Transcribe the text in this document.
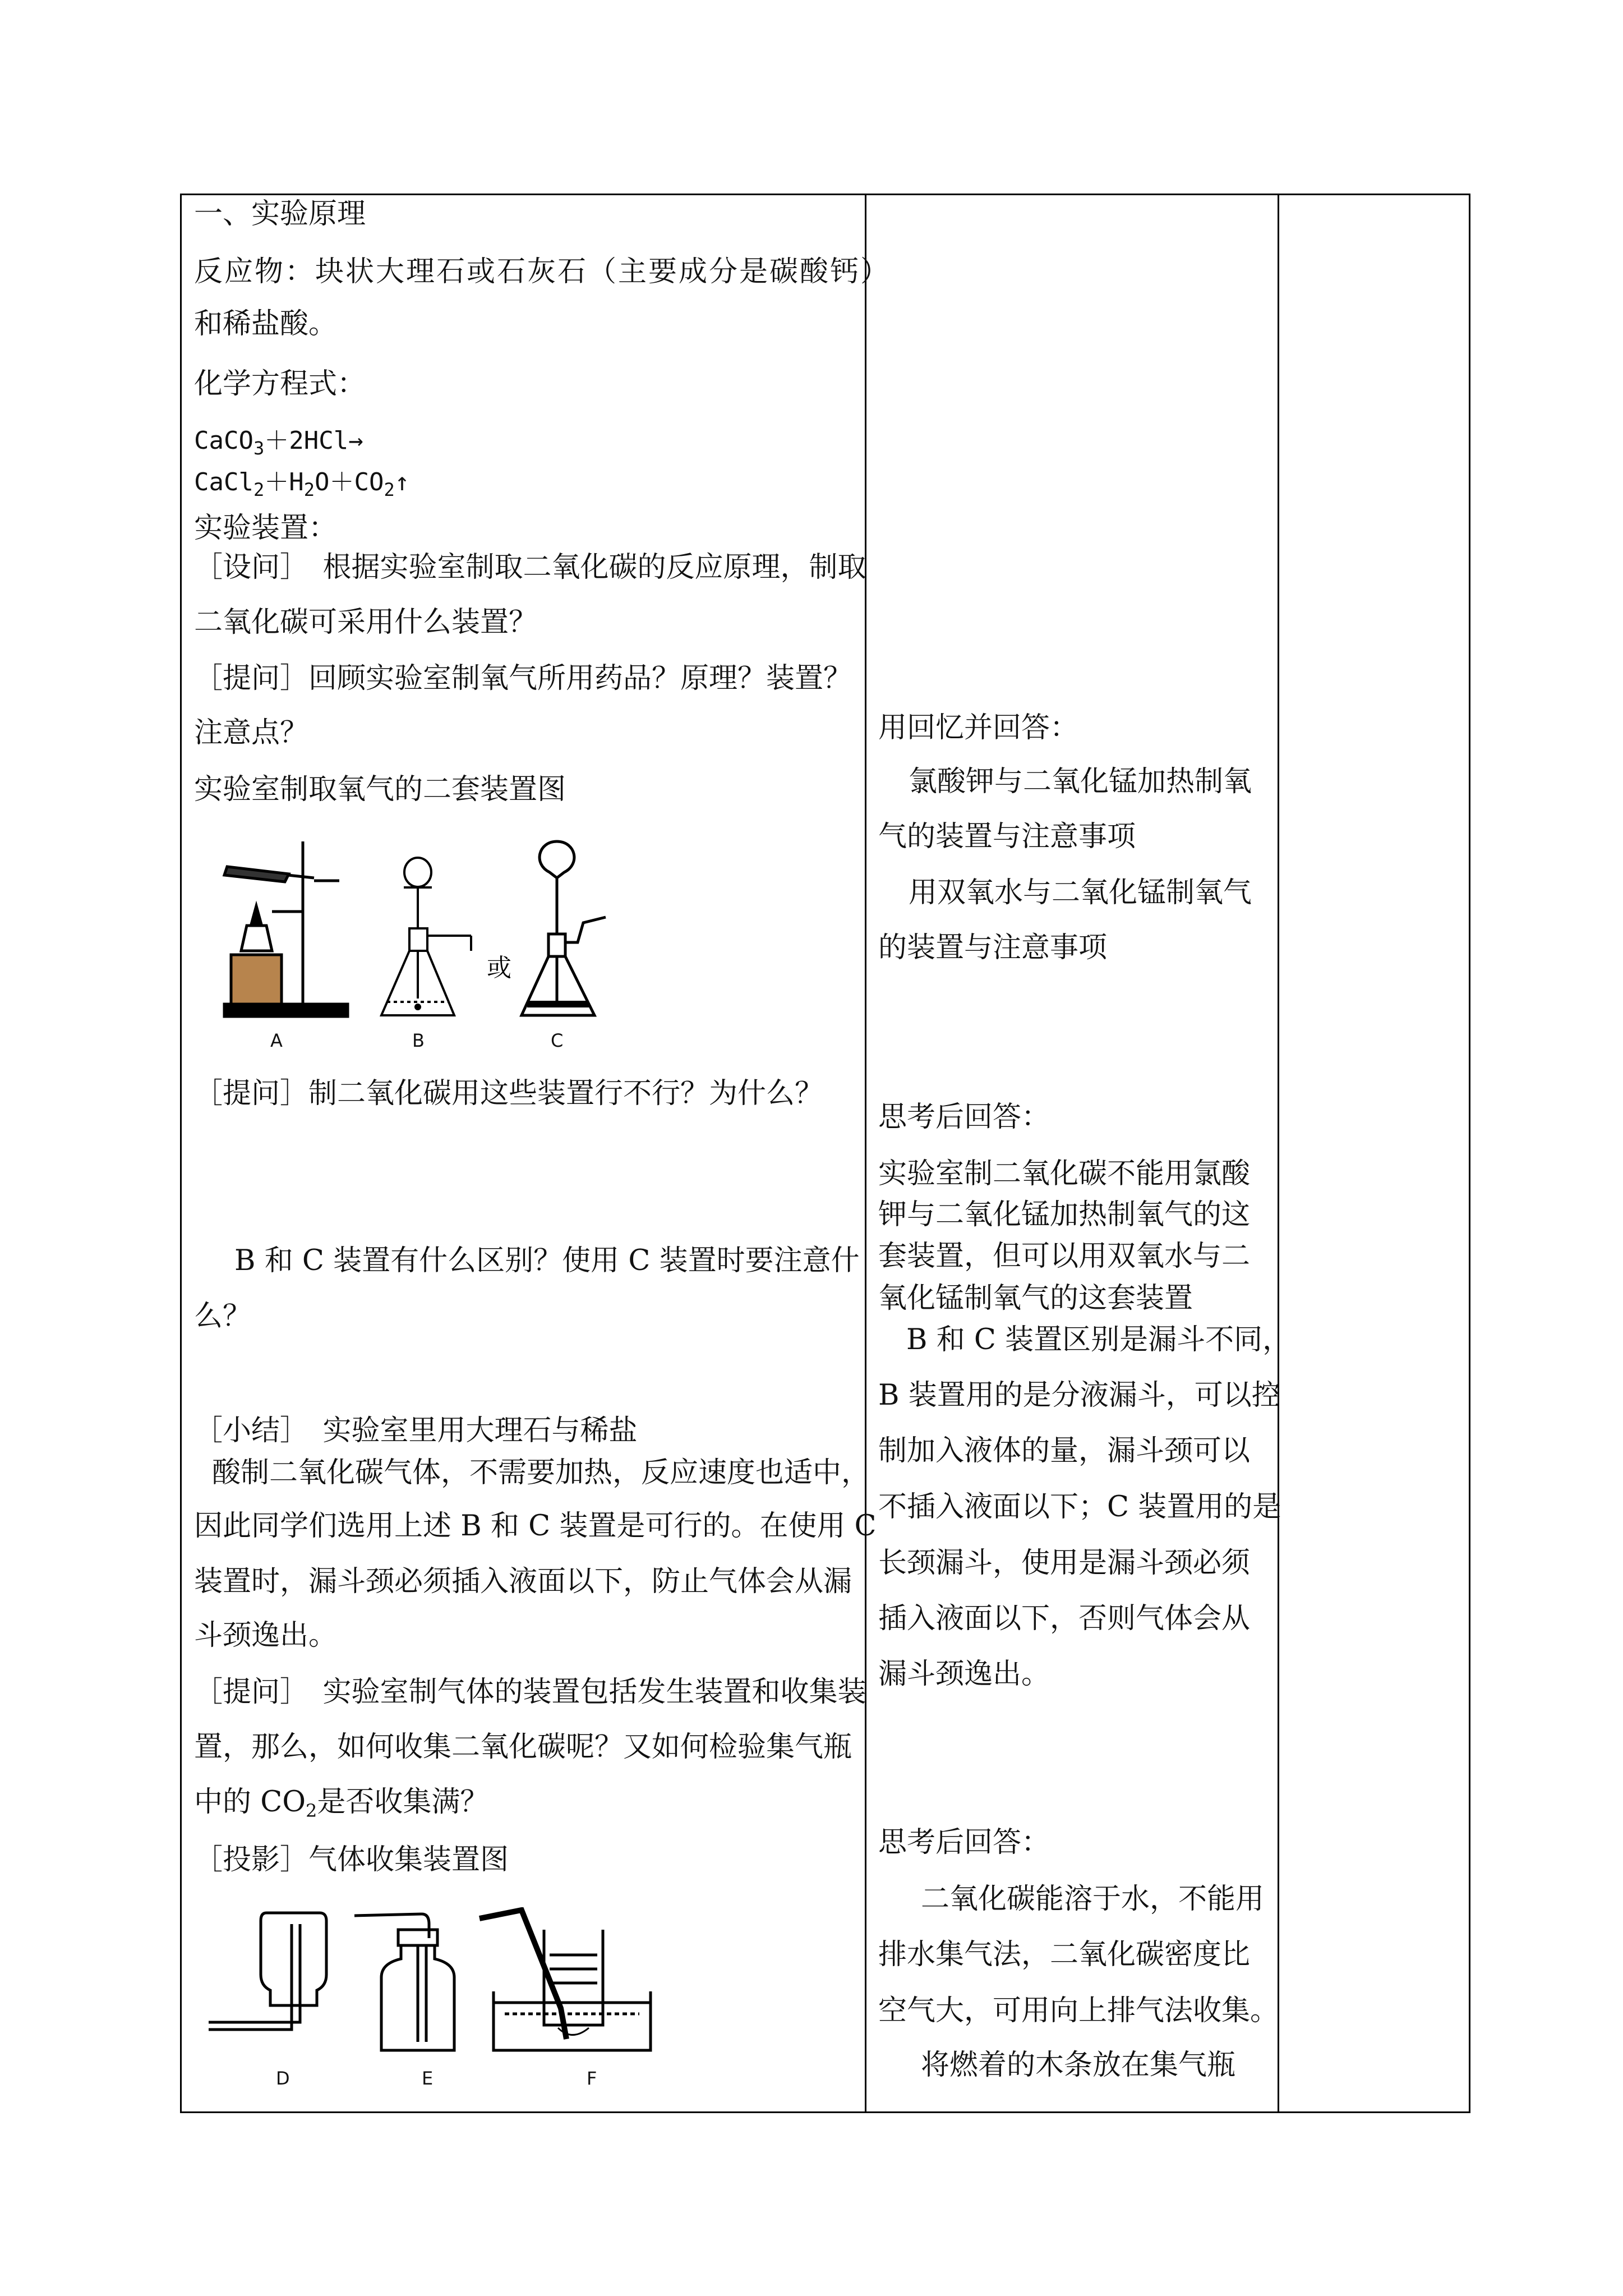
一、实验原理
反应物：块状大理石或石灰石（主要成分是碳酸钙）
和稀盐酸。
化学方程式：
CaCO$_3$＋2HCl→
$CaCl_2+H_2O+CO_2↑$
实验装置：
［设问］　根据实验室制取二氧化碳的反应原理，制取
二氧化碳可采用什么装置？
［提问］回顾实验室制氧气所用药品？原理？装置？
注意点？
实验室制取氧气的二套装置图
或
A	B	C
［提问］制二氧化碳用这些装置行不行？为什么？
B 和 C 装置有什么区别？使用 C 装置时要注意什
么？
［小结］　实验室里用大理石与稀盐
酸制二氧化碳气体，不需要加热，反应速度也适中，
因此同学们选用上述 B 和 C 装置是可行的。在使用 C
装置时，漏斗颈必须插入液面以下，防止气体会从漏
斗颈逸出。
［提问］　实验室制气体的装置包括发生装置和收集装
置，那么，如何收集二氧化碳呢？又如何检验集气瓶
中的 $CO_2$是否收集满？
［投影］气体收集装置图
D	E	F
用回忆并回答：
氯酸钾与二氧化锰加热制氧
气的装置与注意事项
用双氧水与二氧化锰制氧气
的装置与注意事项
思考后回答：
实验室制二氧化碳不能用氯酸
钾与二氧化锰加热制氧气的这
套装置，但可以用双氧水与二
氧化锰制氧气的这套装置
B 和 C 装置区别是漏斗不同，
B 装置用的是分液漏斗，可以控
制加入液体的量，漏斗颈可以
不插入液面以下；C 装置用的是
长颈漏斗，使用是漏斗颈必须
插入液面以下，否则气体会从
漏斗颈逸出。
思考后回答：
二氧化碳能溶于水，不能用
排水集气法，二氧化碳密度比
空气大，可用向上排气法收集。
将燃着的木条放在集气瓶
